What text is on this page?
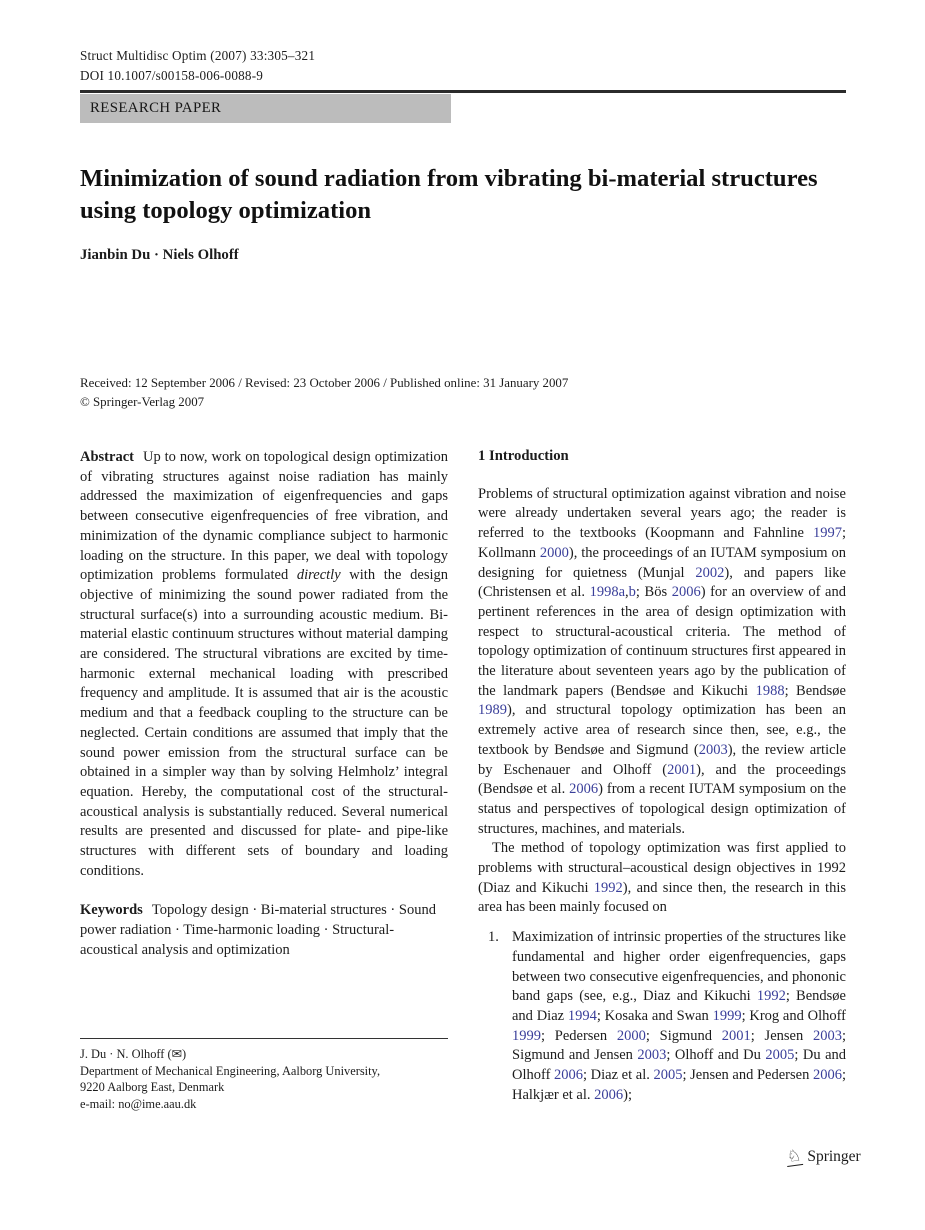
Struct Multidisc Optim (2007) 33:305–321
DOI 10.1007/s00158-006-0088-9
RESEARCH PAPER
Minimization of sound radiation from vibrating bi-material structures using topology optimization
Jianbin Du · Niels Olhoff
Received: 12 September 2006 / Revised: 23 October 2006 / Published online: 31 January 2007
© Springer-Verlag 2007

Abstract Up to now, work on topological design optimization of vibrating structures against noise radiation has mainly addressed the maximization of eigenfrequencies and gaps between consecutive eigenfrequencies of free vibration, and minimization of the dynamic compliance subject to harmonic loading on the structure. In this paper, we deal with topology optimization problems formulated directly with the design objective of minimizing the sound power radiated from the structural surface(s) into a surrounding acoustic medium. Bi-material elastic continuum structures without material damping are considered. The structural vibrations are excited by time-harmonic external mechanical loading with prescribed frequency and amplitude. It is assumed that air is the acoustic medium and that a feedback coupling to the structure can be neglected. Certain conditions are assumed that imply that the sound power emission from the structural surface can be obtained in a simpler way than by solving Helmholz’ integral equation. Hereby, the computational cost of the structural-acoustical analysis is substantially reduced. Several numerical results are presented and discussed for plate- and pipe-like structures with different sets of boundary and loading conditions.

Keywords Topology design · Bi-material structures · Sound power radiation · Time-harmonic loading · Structural-acoustical analysis and optimization

J. Du · N. Olhoff (✉)
Department of Mechanical Engineering, Aalborg University,
9220 Aalborg East, Denmark
e-mail: no@ime.aau.dk
1 Introduction

Problems of structural optimization against vibration and noise were already undertaken several years ago; the reader is referred to the textbooks (Koopmann and Fahnline 1997; Kollmann 2000), the proceedings of an IUTAM symposium on designing for quietness (Munjal 2002), and papers like (Christensen et al. 1998a,b; Bös 2006) for an overview of and pertinent references in the area of design optimization with respect to structural-acoustical criteria. The method of topology optimization of continuum structures first appeared in the literature about seventeen years ago by the publication of the landmark papers (Bendsøe and Kikuchi 1988; Bendsøe 1989), and structural topology optimization has been an extremely active area of research since then, see, e.g., the textbook by Bendsøe and Sigmund (2003), the review article by Eschenauer and Olhoff (2001), and the proceedings (Bendsøe et al. 2006) from a recent IUTAM symposium on the status and perspectives of topological design optimization of structures, machines, and materials.

The method of topology optimization was first applied to problems with structural–acoustical design objectives in 1992 (Diaz and Kikuchi 1992), and since then, the research in this area has been mainly focused on

1. Maximization of intrinsic properties of the structures like fundamental and higher order eigenfrequencies, gaps between two consecutive eigenfrequencies, and phononic band gaps (see, e.g., Diaz and Kikuchi 1992; Bendsøe and Diaz 1994; Kosaka and Swan 1999; Krog and Olhoff 1999; Pedersen 2000; Sigmund 2001; Jensen 2003; Sigmund and Jensen 2003; Olhoff and Du 2005; Du and Olhoff 2006; Diaz et al. 2005; Jensen and Pedersen 2006; Halkjær et al. 2006);
♘ Springer
